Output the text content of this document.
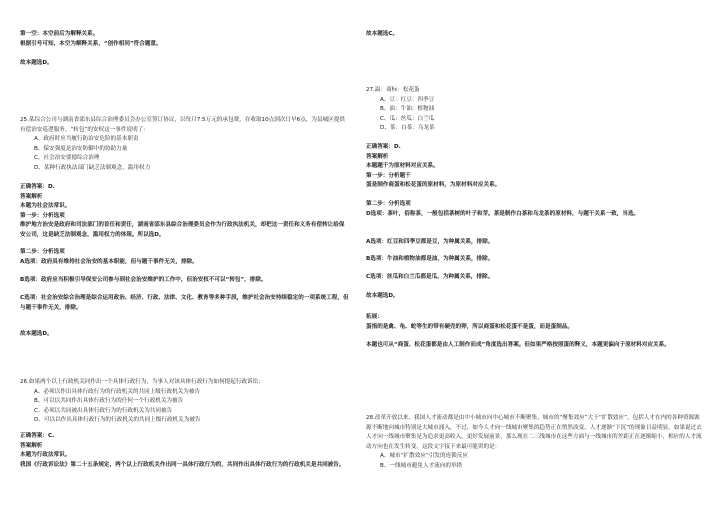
第一空：本空前后为解释关系。
根据引号可知，本空为解释关系，“创作相同”符合题意。

故本题选D。
25.某综合公司与湖南省邵东县综合治理委员会办公室签订协议，以每月7.5万元的承包费，在收取10点到次日早6点，为县城区提供有偿治安巡逻服务。“转包”的安权这一事件说明了：
A、政府时应当履行防治安危险的基本职责
B、保安强度是治安防御中的协助力量
C、社会治安要德综合治理
D、某种行政执法部门缺乏法制观念，滥用权力
正确答案：D.
答案解析
本题为社会法常识。
第一步：分析选项
维护地方治安是政府和司法部门的首任和责任，湖南省邵东县综合治理委员会作为行政执法机关，却把这一责任和义务有偿转让给保安公司，这是缺乏法制观念，滥用权力的体现。所以选D。
第二步：分析选项
A选项：政府具有维持社会治安的基本职能，但与题干事件无关，排除。
B选项：政府应当积极引导保安公司参与到社会治安维护的工作中，但治安权不可以“转包”，排除。
C选项：社会治安综合治理是综合运用政治、经济、行政、法律、文化、教育等多种手段，维护社会治安持续稳定的一项系统工程，但与题干事件无关，排除。
故本题选D。
26.如果两个以上行政机关同作出一个具体行政行为，当事人对该具体行政行为如何提起行政诉讼：
A、必须以作出具体行政行为的行政机关的共同上级行政机关为被告
B、可以以共同作出具体行政行为的任何一个行政机关为被告
C、必须以共同被出具体行政行为的行政机关为共同被告
D、可以以作出具体行政行为的行政机关的共同上级行政机关为被告
正确答案：C.
答案解析
本题为行政法常识。
我国《行政诉讼法》第二十五条规定，两个以上行政机关作出同一具体行政行为的，共同作出具体行政行为的行政机关是共同被告。
故本题选C。
27.温：商标：松花蛋
A、豆：红豆：四季豆
B、油：牛油：植物油
C、瓜：丝瓜：白兰瓜
D、茶：白茶：乌龙茶
正确答案：D.
答案解析
本题题干为原材料对应关系。
第一步：分析题干
蛋是制作商蛋和松花蛋的原材料，为原材料对应关系。
第二步：分析选项
D选项：茶叶，俗称茶，一般包括茶树的叶子和芽。茶是制作白茶和乌龙茶的原材料，与题干关系一致，当选。
A选项：红豆和四季豆都是豆，为种属关系，排除。
B选项：牛油和植物油都是油，为种属关系，排除。
C选项：丝瓜和白兰瓜都是瓜，为种属关系，排除。
故本题选D。
拓展：
蛋指的是禽、龟、蛇等生的带有硬壳的卵，所以商蛋和松花蛋不是蛋，而是蛋制品。
本题也可从“商蛋、松花蛋都是由人工制作而成”角度选出答案。但如果严格按照蛋的释义，本题更偏向于原材料对应关系。
28.改革开放以来，我国人才流动都是由中小城市向中心城市不断聚集，城市的“聚集效应”大于“扩散效应”，包括人才在内的各种资源源源不断地向城市特别是大城市涌入，不过，如今人才向一线城市聚集的趋势正在悄然改变，人才逐渐“下沉”的现象日益明显。如果说过去人才向一线城市聚集是为追求更高收入，更好发展前景，那么现在二三线城市在这些方面与一线城市的差距正在逐渐缩小，相应的人才流动方向也在发生转变。这段文字接下来最可能讲的是：
A、城市“扩散效应”引发的连锁反应
B、一线城市避免人才流向的举措
